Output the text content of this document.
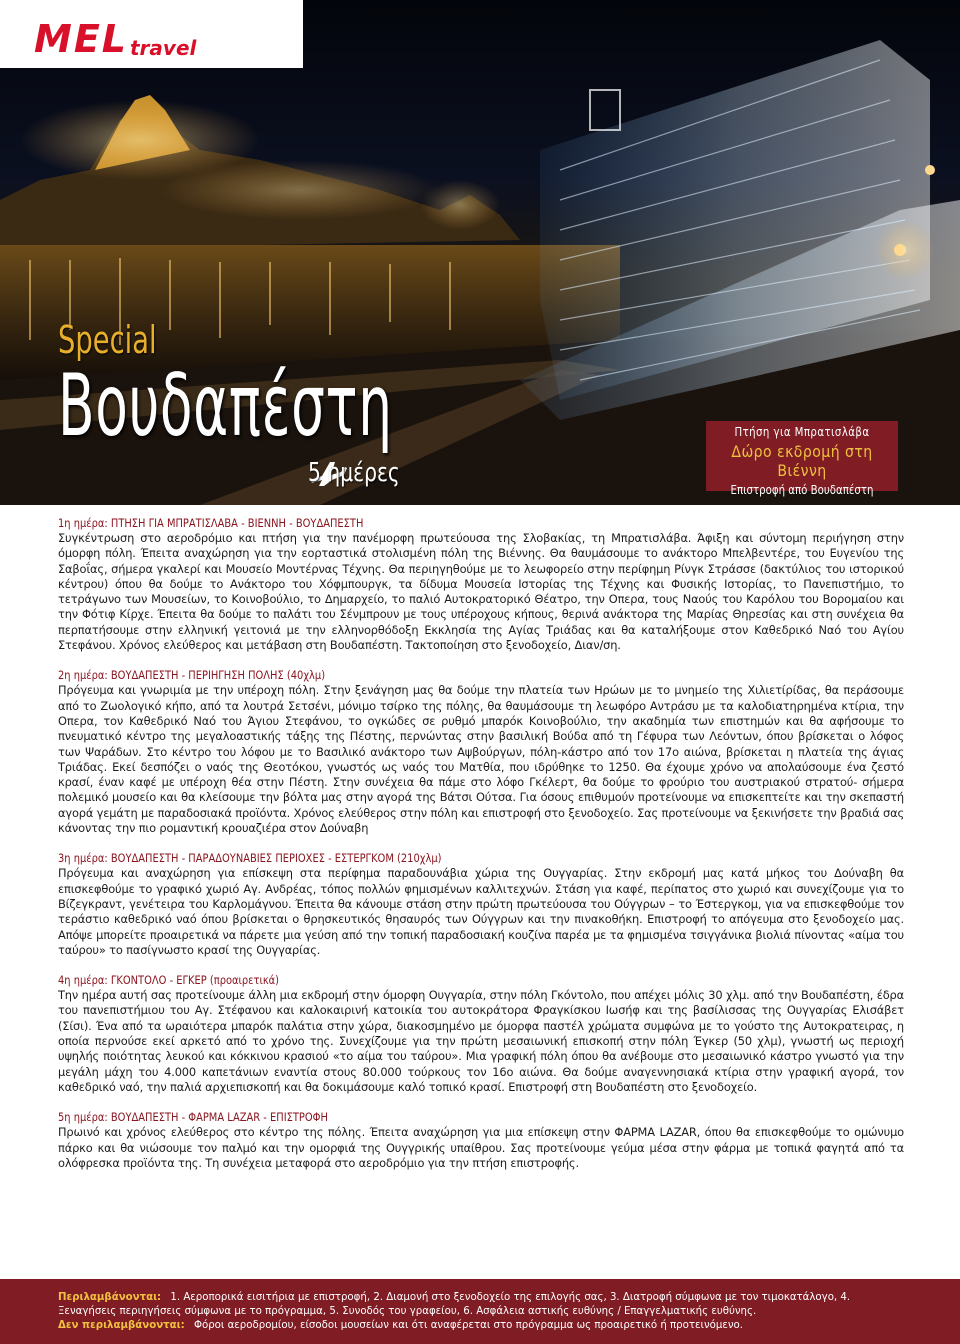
MEL travel
Special
Βουδαπέστη
5 ημέρες
Πτήση για Μπρατισλάβα
Δώρο εκδρομή στη Βιέννη
Επιστροφή από Βουδαπέστη
1η ημέρα: ΠΤΗΣΗ ΓΙΑ ΜΠΡΑΤΙΣΛΑΒΑ - ΒΙΕΝΝΗ - ΒΟΥΔΑΠΕΣΤΗ
Συγκέντρωση στο αεροδρόμιο και πτήση για την πανέμορφη πρωτεύουσα της Σλοβακίας, τη Μπρατισλάβα. Άφιξη και σύντομη περιήγηση στην όμορφη πόλη. Έπειτα αναχώρηση για την εορταστικά στολισμένη πόλη της Βιέννης. Θα θαυμάσουμε το ανάκτορο Μπελβεντέρε, του Ευγενίου της Σαβοΐας, σήμερα γκαλερί και Μουσείο Μοντέρνας Τέχνης. Θα περιηγηθούμε με το λεωφορείο στην περίφημη Ρίνγκ Στράσσε (δακτύλιος του ιστορικού κέντρου) όπου θα δούμε το Ανάκτορο του Χόφμπουργκ, τα δίδυμα Μουσεία Ιστορίας της Τέχνης και Φυσικής Ιστορίας, το Πανεπιστήμιο, το τετράγωνο των Μουσείων, το Κοινοβούλιο, το Δημαρχείο, το παλιό Αυτοκρατορικό Θέατρο, την Οπερα, τους Ναούς του Καρόλου του Βορομαίου και την Φότιφ Κίρχε. Έπειτα θα δούμε το παλάτι του Σένμπρουν με τους υπέροχους κήπους, θερινά ανάκτορα της Μαρίας Θηρεσίας και στη συνέχεια θα περπατήσουμε στην ελληνική γειτονιά με την ελληνορθόδοξη Εκκλησία της Αγίας Τριάδας και θα καταλήξουμε στον Καθεδρικό Ναό του Αγίου Στεφάνου. Χρόνος ελεύθερος και μετάβαση στη Βουδαπέστη. Τακτοποίηση στο ξενοδοχείο, Διαν/ση.
2η ημέρα: ΒΟΥΔΑΠΕΣΤΗ - ΠΕΡΙΗΓΗΣΗ ΠΟΛΗΣ (40χλμ)
Πρόγευμα και γνωριμία με την υπέροχη πόλη. Στην ξενάγηση μας θα δούμε την πλατεία των Ηρώων με το μνημείο της Χιλιετίρίδας, θα περάσουμε από το Ζωολογικό κήπο, από τα λουτρά Σετσένι, μόνιμο τσίρκο της πόλης, θα θαυμάσουμε τη λεωφόρο Αντράσυ με τα καλοδιατηρημένα κτίρια, την Οπερα, τον Καθεδρικό Ναό του Άγιου Στεφάνου, το ογκώδες σε ρυθμό μπαρόκ Κοινοβούλιο, την ακαδημία των επιστημών και θα αφήσουμε το πνευματικό κέντρο της μεγαλοαστικής τάξης της Πέστης, περνώντας στην βασιλική Βούδα από τη Γέφυρα των Λεόντων, όπου βρίσκεται ο λόφος των Ψαράδων. Στο κέντρο του λόφου με το Βασιλικό ανάκτορο των Αψβούργων, πόλη-κάστρο από τον 17ο αιώνα, βρίσκεται η πλατεία της άγιας Τριάδας. Εκεί δεσπόζει ο ναός της Θεοτόκου, γνωστός ως ναός του Ματθία, που ιδρύθηκε το 1250. Θα έχουμε χρόνο να απολαύσουμε ένα ζεστό κρασί, έναν καφέ με υπέροχη θέα στην Πέστη. Στην συνέχεια θα πάμε στο λόφο Γκέλερτ, θα δούμε το φρούριο του αυστριακού στρατού- σήμερα πολεμικό μουσείο και θα κλείσουμε την βόλτα μας στην αγορά της Βάτσι Ούτσα. Για όσους επιθυμούν προτείνουμε να επισκεπτείτε και την σκεπαστή αγορά γεμάτη με παραδοσιακά προϊόντα. Χρόνος ελεύθερος στην πόλη και επιστροφή στο ξενοδοχείο. Σας προτείνουμε να ξεκινήσετε την βραδιά σας κάνοντας την πιο ρομαντική κρουαζιέρα στον Δούναβη
3η ημέρα: ΒΟΥΔΑΠΕΣΤΗ - ΠΑΡΑΔΟΥΝΑΒΙΕΣ ΠΕΡΙΟΧΕΣ - ΕΣΤΕΡΓΚΟΜ (210χλμ)
Πρόγευμα και αναχώρηση για επίσκεψη στα περίφημα παραδουνάβια χώρια της Ουγγαρίας. Στην εκδρομή μας κατά μήκος του Δούναβη θα επισκεφθούμε το γραφικό χωριό Αγ. Ανδρέας, τόπος πολλών φημισμένων καλλιτεχνών. Στάση για καφέ, περίπατος στο χωριό και συνεχίζουμε για το Βίζεγκραντ, γενέτειρα του Καρλομάγνου. Έπειτα θα κάνουμε στάση στην πρώτη πρωτεύουσα του Ούγγρων – το Έστεργκομ, για να επισκεφθούμε τον τεράστιο καθεδρικό ναό όπου βρίσκεται ο θρησκευτικός θησαυρός των Ούγγρων και την πινακοθήκη. Επιστροφή το απόγευμα στο ξενοδοχείο μας. Απόψε μπορείτε προαιρετικά να πάρετε μια γεύση από την τοπική παραδοσιακή κουζίνα παρέα με τα φημισμένα τσιγγάνικα βιολιά πίνοντας «αίμα του ταύρου» το πασίγνωστο κρασί της Ουγγαρίας.
4η ημέρα: ΓΚΟΝΤΟΛΟ - ΕΓΚΕΡ (προαιρετικά)
Την ημέρα αυτή σας προτείνουμε άλλη μια εκδρομή στην όμορφη Ουγγαρία, στην πόλη Γκόντολο, που απέχει μόλις 30 χλμ. από την Βουδαπέστη, έδρα του πανεπιστήμιου του Αγ. Στέφανου και καλοκαιρινή κατοικία του αυτοκράτορα Φραγκίσκου Ιωσήφ και της βασίλισσας της Ουγγαρίας Ελισάβετ (Σίσι). Ένα από τα ωραιότερα μπαρόκ παλάτια στην χώρα, διακοσμημένο με όμορφα παστέλ χρώματα συμφώνα με το γούστο της Αυτοκρατειρας, η οποία περνούσε εκεί αρκετό από το χρόνο της. Συνεχίζουμε για την πρώτη μεσαιωνική επισκοπή στην πόλη Έγκερ (50 χλμ), γνωστή ως περιοχή υψηλής ποιότητας λευκού και κόκκινου κρασιού «το αίμα του ταύρου». Μια γραφική πόλη όπου θα ανέβουμε στο μεσαιωνικό κάστρο γνωστό για την μεγάλη μάχη του 4.000 καπετάνιων εναντία στους 80.000 τούρκους τον 16ο αιώνα. Θα δούμε αναγεννησιακά κτίρια στην γραφική αγορά, τον καθεδρικό ναό, την παλιά αρχιεπισκοπή και θα δοκιμάσουμε καλό τοπικό κρασί. Επιστροφή στη Βουδαπέστη στο ξενοδοχείο.
5η ημέρα: ΒΟΥΔΑΠΕΣΤΗ - ΦΑΡΜΑ LAZAR - ΕΠΙΣΤΡΟΦΗ
Πρωινό και χρόνος ελεύθερος στο κέντρο της πόλης. Έπειτα αναχώρηση για μια επίσκεψη στην ΦΑΡΜΑ LAZAR, όπου θα επισκεφθούμε το ομώνυμο πάρκο και θα νιώσουμε τον παλμό και την ομορφιά της Ουγγρικής υπαίθρου. Σας προτείνουμε γεύμα μέσα στην φάρμα με τοπικά φαγητά από τα ολόφρεσκα προϊόντα της. Τη συνέχεια μεταφορά στο αεροδρόμιο για την πτήση επιστροφής.

Περιλαμβάνονται: 1. Αεροπορικά εισιτήρια με επιστροφή, 2. Διαμονή στο ξενοδοχείο της επιλογής σας, 3. Διατροφή σύμφωνα με τον τιμοκατάλογο, 4. Ξεναγήσεις περιηγήσεις σύμφωνα με το πρόγραμμα, 5. Συνοδός του γραφείου, 6. Ασφάλεια αστικής ευθύνης / Επαγγελματικής ευθύνης.

Δεν περιλαμβάνονται: Φόροι αεροδρομίου, είσοδοι μουσείων και ότι αναφέρεται στο πρόγραμμα ως προαιρετικό ή προτεινόμενο.
